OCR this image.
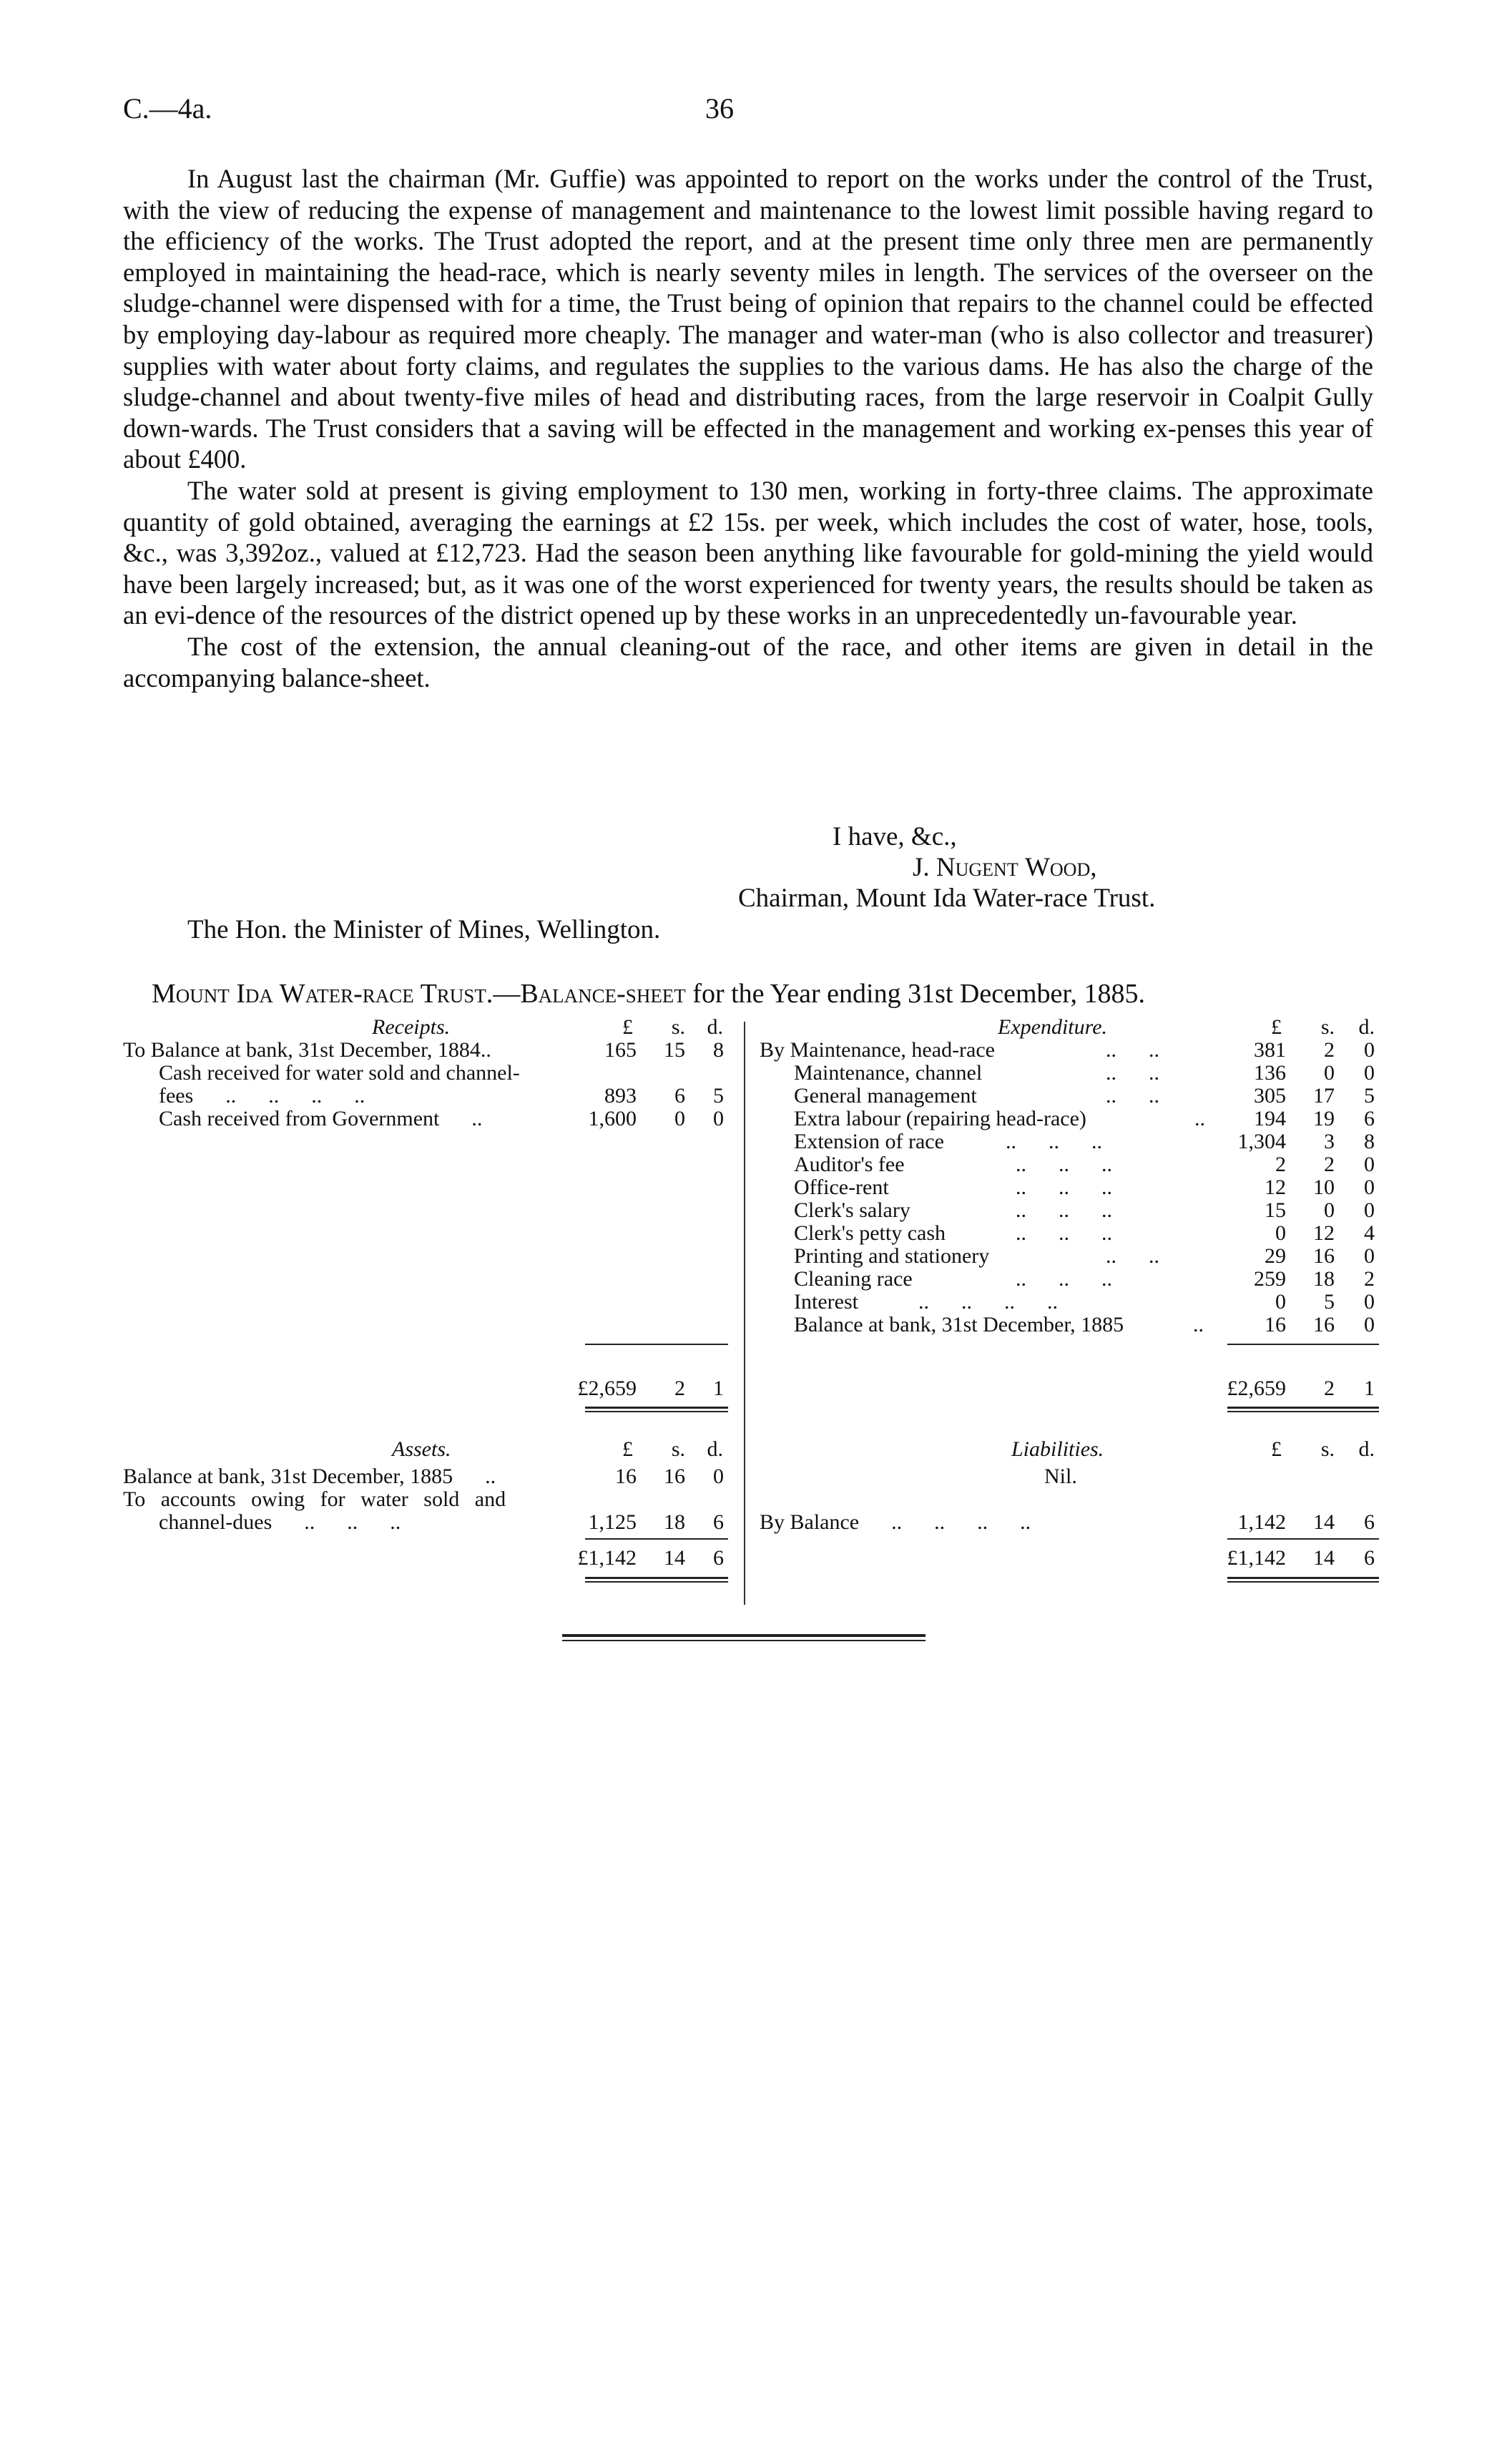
C.—4a.	36

In August last the chairman (Mr. Guffie) was appointed to report on the works under the control of the Trust, with the view of reducing the expense of management and maintenance to the lowest limit possible having regard to the efficiency of the works. The Trust adopted the report, and at the present time only three men are permanently employed in maintaining the head-race, which is nearly seventy miles in length. The services of the overseer on the sludge-channel were dispensed with for a time, the Trust being of opinion that repairs to the channel could be effected by employing day-labour as required more cheaply. The manager and water-man (who is also collector and treasurer) supplies with water about forty claims, and regulates the supplies to the various dams. He has also the charge of the sludge-channel and about twenty-five miles of head and distributing races, from the large reservoir in Coalpit Gully down-wards. The Trust considers that a saving will be effected in the management and working ex-penses this year of about £400.

The water sold at present is giving employment to 130 men, working in forty-three claims. The approximate quantity of gold obtained, averaging the earnings at £2 15s. per week, which includes the cost of water, hose, tools, &c., was 3,392oz., valued at £12,723. Had the season been anything like favourable for gold-mining the yield would have been largely increased; but, as it was one of the worst experienced for twenty years, the results should be taken as an evi-dence of the resources of the district opened up by these works in an unprecedentedly un-favourable year.

The cost of the extension, the annual cleaning-out of the race, and other items are given in detail in the accompanying balance-sheet.

I have, &c.,
J. Nugent Wood,
Chairman, Mount Ida Water-race Trust.
The Hon. the Minister of Mines, Wellington.
Mount Ida Water-race Trust.—Balance-sheet for the Year ending 31st December, 1885.
Receipts.	£	s.	d.	Expenditure.	£	s.	d.
To Balance at bank, 31st December, 1884..	165 15	8
Cash received for water sold and channel-
fees      ..      ..      ..      ..	893	6	5
Cash received from Government      ..	1,600	0	0
By Maintenance, head-race	..      ..	381	2	0
Maintenance, channel	..      ..	136	0	0
General management	..      ..	305 17	5
Extra labour (repairing head-race)	..	194 19	6
Extension of race	..      ..      ..	1,304	3	8
Auditor's fee	..      ..      ..	2	2	0
Office-rent	..      ..      ..	12 10	0
Clerk's salary	..      ..      ..	15	0	0
Clerk's petty cash	..      ..      ..	0 12	4
Printing and stationery	..      ..	29 16	0
Cleaning race	..      ..      ..	259 18	2
Interest	..      ..      ..      ..	0	5	0
Balance at bank, 31st December, 1885	..	16 16	0
£2,659	2	1	£2,659	2	1
Assets.	£	s.	d.	Liabilities.	£	s.	d.
Balance at bank, 31st December, 1885      ..	16 16	0
To accounts owing for water sold and
channel-dues      ..      ..      ..	1,125 18	6
Nil.
By Balance      ..      ..      ..      ..	1,142 14	6
£1,142 14	6	£1,142 14	6
